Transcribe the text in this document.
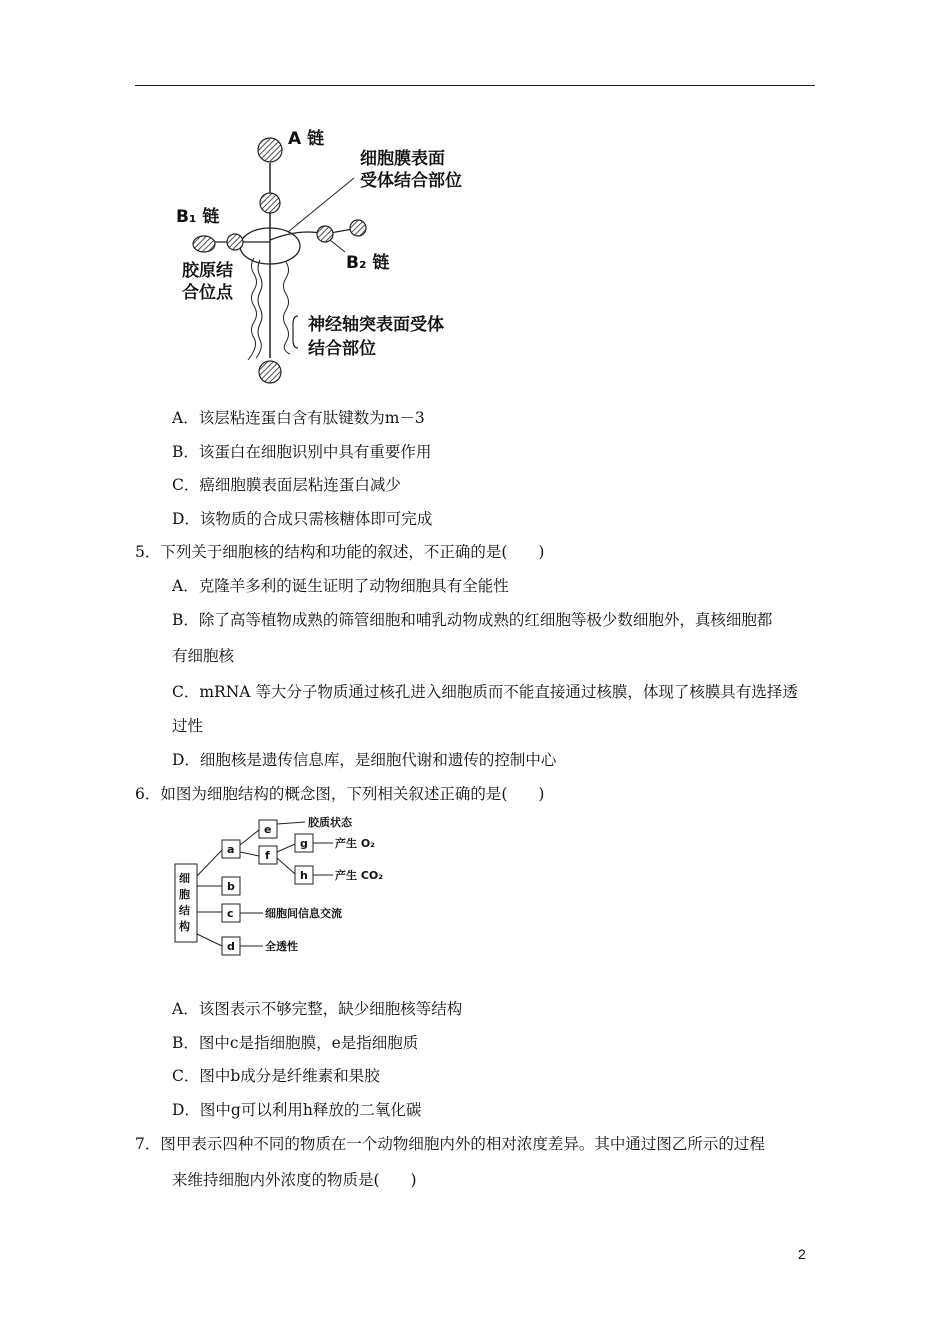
A 链
细胞膜表面
受体结合部位
B₁ 链
B₂ 链
胶原结
合位点
神经轴突表面受体
结合部位
A．该层粘连蛋白含有肽键数为m－3
B．该蛋白在细胞识别中具有重要作用
C．癌细胞膜表面层粘连蛋白减少
D．该物质的合成只需核糖体即可完成
5．下列关于细胞核的结构和功能的叙述，不正确的是(　　)
A．克隆羊多利的诞生证明了动物细胞具有全能性
B．除了高等植物成熟的筛管细胞和哺乳动物成熟的红细胞等极少数细胞外，真核细胞都
有细胞核
C．mRNA 等大分子物质通过核孔进入细胞质而不能直接通过核膜，体现了核膜具有选择透
过性
D．细胞核是遗传信息库，是细胞代谢和遗传的控制中心
6．如图为细胞结构的概念图，下列相关叙述正确的是(　　)
细
胞
结
构
a
e
胶质状态
f
g 产生 O₂
h 产生 CO₂
b
c	细胞间信息交流
d	全透性
A．该图表示不够完整，缺少细胞核等结构
B．图中c是指细胞膜，e是指细胞质
C．图中b成分是纤维素和果胶
D．图中g可以利用h释放的二氧化碳
7．图甲表示四种不同的物质在一个动物细胞内外的相对浓度差异。其中通过图乙所示的过程
来维持细胞内外浓度的物质是(　　)
2
